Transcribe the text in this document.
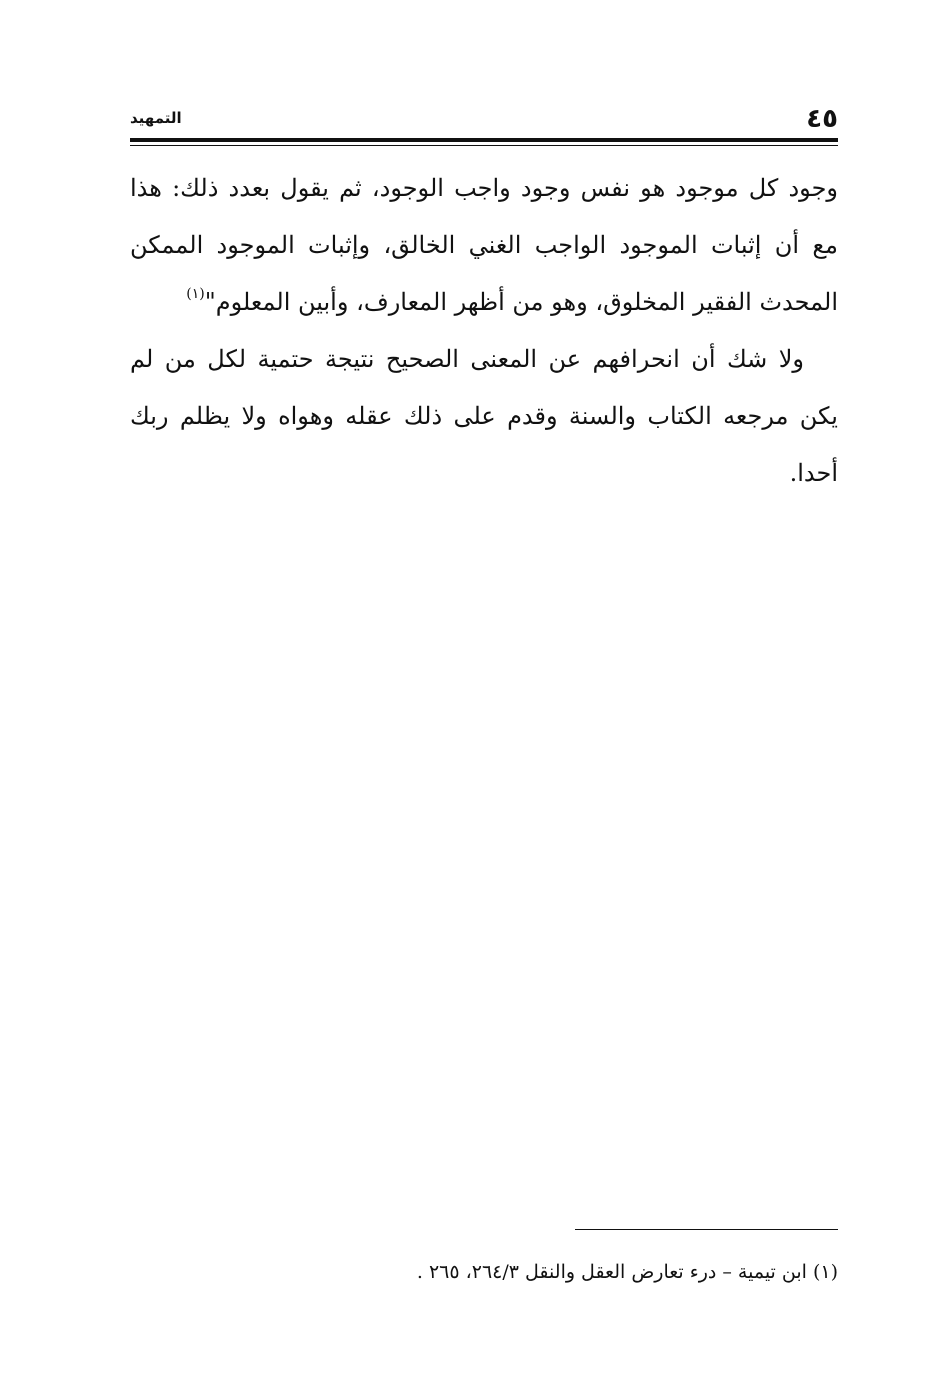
٤٥
التمهيد

وجود كل موجود هو نفس وجود واجب الوجود، ثم يقول بعدد ذلك: هذا مع أن إثبات الموجود الواجب الغني الخالق، وإثبات الموجود الممكن المحدث الفقير المخلوق، وهو من أظهر المعارف، وأبين المعلوم"$^{(١)}$

ولا شك أن انحرافهم عن المعنى الصحيح نتيجة حتمية لكل من لم يكن مرجعه الكتاب والسنة وقدم على ذلك عقله وهواه ولا يظلم ربك أحدا.

(١) ابن تيمية – درء تعارض العقل والنقل ٢٦٤/٣، ٢٦٥ .
